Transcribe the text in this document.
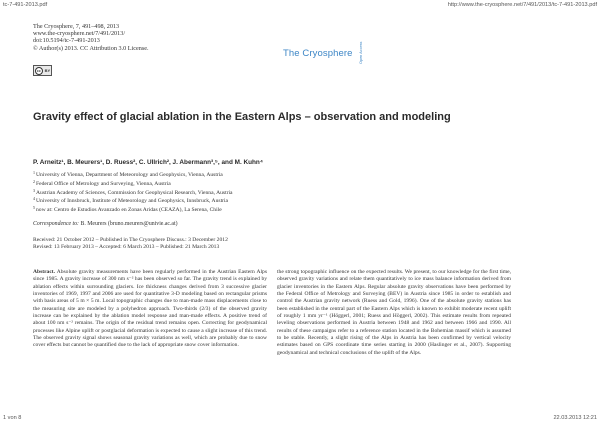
tc-7-491-2013.pdf	http://www.the-cryosphere.net/7/491/2013/tc-7-491-2013.pdf
The Cryosphere, 7, 491–498, 2013
www.the-cryosphere.net/7/491/2013/
doi:10.5194/tc-7-491-2013
© Author(s) 2013. CC Attribution 3.0 License.
cc BY
The Cryosphere Open Access
Gravity effect of glacial ablation in the Eastern Alps – observation and modeling
P. Arneitz¹, B. Meurers¹, D. Ruess², C. Ullrich², J. Abermann³,⁵, and M. Kuhn⁴
$^1$University of Vienna, Department of Meteorology and Geophysics, Vienna, Austria
$^2$Federal Office of Metrology and Surveying, Vienna, Austria
$^3$Austrian Academy of Sciences, Commission for Geophysical Research, Vienna, Austria
$^4$University of Innsbruck, Institute of Meteorology and Geophysics, Innsbruck, Austria
$^5$now at: Centro de Estudios Avanzado en Zonas Aridas (CEAZA), La Serena, Chile
Correspondence to: B. Meurers (bruno.meurers@univie.ac.at)
Received: 21 October 2012 – Published in The Cryosphere Discuss.: 3 December 2012
Revised: 13 February 2013 – Accepted: 6 March 2013 – Published: 21 March 2013
Abstract. Absolute gravity measurements have been regularly performed in the Austrian Eastern Alps since 1985. A gravity increase of 300 nm s⁻² has been observed so far. The gravity trend is explained by ablation effects within surrounding glaciers. Ice thickness changes derived from 3 successive glacier inventories of 1969, 1997 and 2006 are used for quantitative 3-D modeling based on rectangular prisms with basis areas of 5 m × 5 m. Local topographic changes due to man-made mass displacements close to the measuring site are modeled by a polyhedron approach. Two-thirds (2/3) of the observed gravity increase can be explained by the ablation model response and man-made effects. A positive trend of about 100 nm s⁻² remains. The origin of the residual trend remains open. Correcting for geodynamical processes like Alpine uplift or postglacial deformation is expected to cause a slight increase of this trend. The observed gravity signal shows seasonal gravity variations as well, which are probably due to snow cover effects but cannot be quantified due to the lack of appropriate snow cover information.
the strong topographic influence on the expected results. We present, to our knowledge for the first time, observed gravity variations and relate them quantitatively to ice mass balance information derived from glacier inventories in the Eastern Alps. Regular absolute gravity observations have been performed by the Federal Office of Metrology and Surveying (BEV) in Austria since 1985 in order to establish and control the Austrian gravity network (Ruess and Gold, 1996). One of the absolute gravity stations has been established in the central part of the Eastern Alps which is known to exhibit moderate recent uplift of roughly 1 mm yr⁻¹ (Höggerl, 2001; Ruess and Höggerl, 2002). This estimate results from repeated leveling observations performed in Austria between 1948 and 1962 and between 1966 and 1990. All results of these campaigns refer to a reference station located in the Bohemian massif which is assumed to be stable. Recently, a slight rising of the Alps in Austria has been confirmed by vertical velocity estimates based on GPS coordinate time series starting in 2000 (Haslinger et al., 2007). Supporting geodynamical and technical conclusions of the uplift of the Alps.
1 von 8	22.03.2013 12:21
